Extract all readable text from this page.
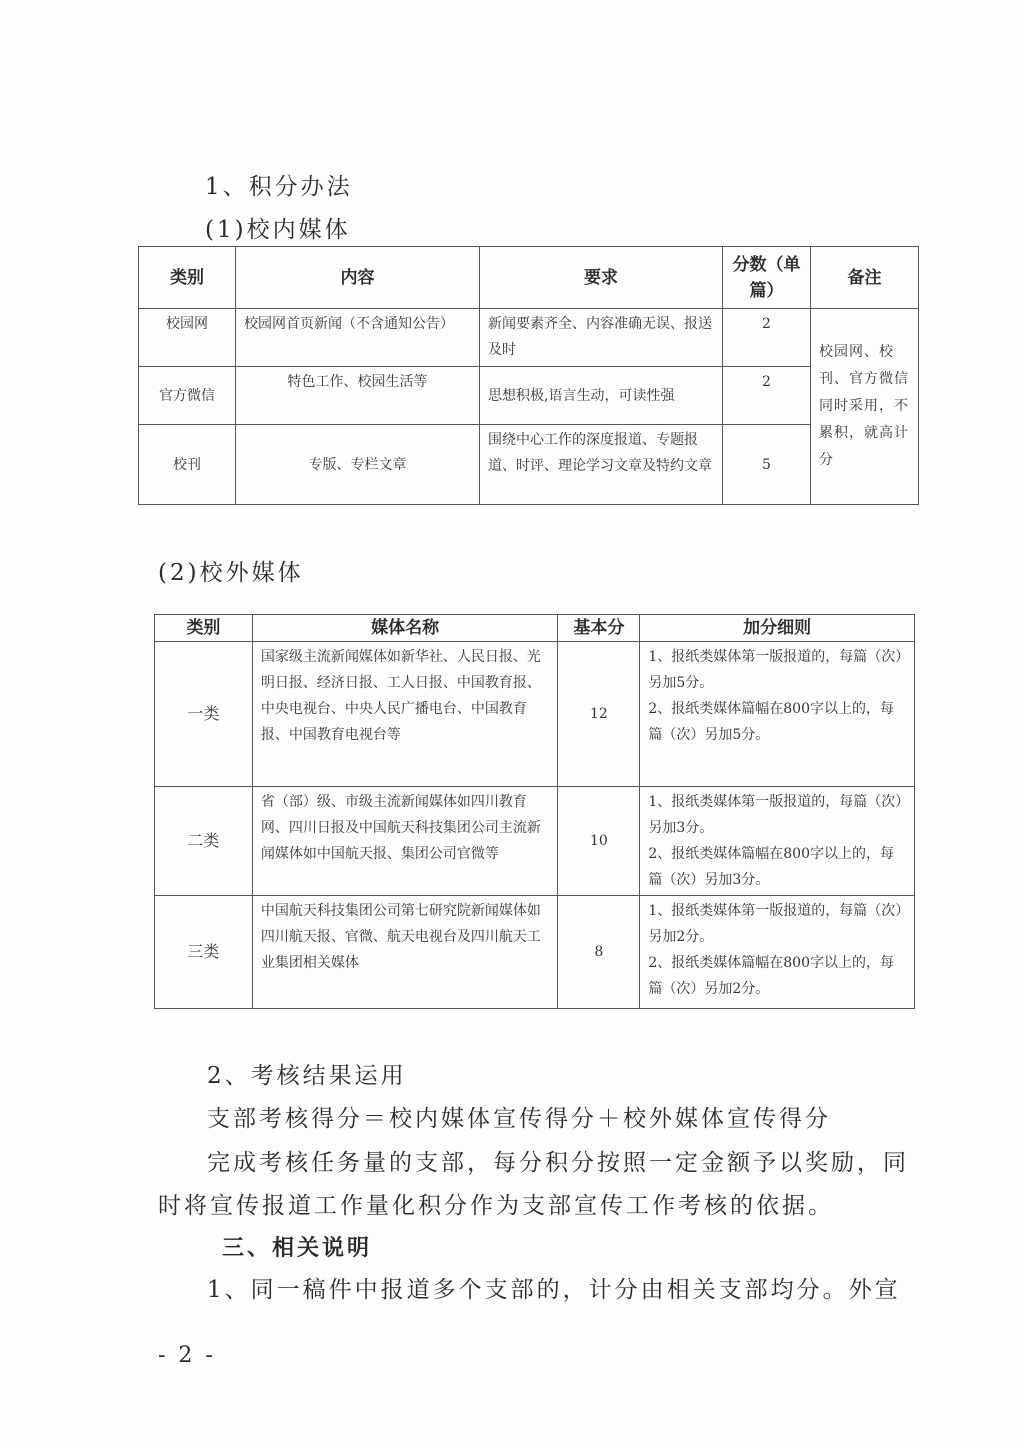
1、积分办法
(1)校内媒体
类别	内容	要求	分数（单篇）	备注
校园网	校园网首页新闻（不含通知公告）	新闻要素齐全、内容准确无误、报送及时	2	校园网、校刊、官方微信同时采用，不累积，就高计分
官方微信	特色工作、校园生活等	思想积极,语言生动，可读性强	2	
校刊	专版、专栏文章	围绕中心工作的深度报道、专题报道、时评、理论学习文章及特约文章	5	
(2)校外媒体
类别	媒体名称	基本分	加分细则
一类	国家级主流新闻媒体如新华社、人民日报、光明日报、经济日报、工人日报、中国教育报、中央电视台、中央人民广播电台、中国教育报、中国教育电视台等	12	1、报纸类媒体第一版报道的，每篇（次）另加5分。
2、报纸类媒体篇幅在800字以上的，每篇（次）另加5分。

二类	省（部）级、市级主流新闻媒体如四川教育网、四川日报及中国航天科技集团公司主流新闻媒体如中国航天报、集团公司官微等	10	1、报纸类媒体第一版报道的，每篇（次）另加3分。
2、报纸类媒体篇幅在800字以上的，每篇（次）另加3分。

三类	中国航天科技集团公司第七研究院新闻媒体如四川航天报、官微、航天电视台及四川航天工业集团相关媒体	8	1、报纸类媒体第一版报道的，每篇（次）另加2分。
2、报纸类媒体篇幅在800字以上的，每篇（次）另加2分。
2、考核结果运用
支部考核得分＝校内媒体宣传得分＋校外媒体宣传得分
完成考核任务量的支部，每分积分按照一定金额予以奖励，同
时将宣传报道工作量化积分作为支部宣传工作考核的依据。
三、相关说明
1、同一稿件中报道多个支部的，计分由相关支部均分。外宣
- 2 -
